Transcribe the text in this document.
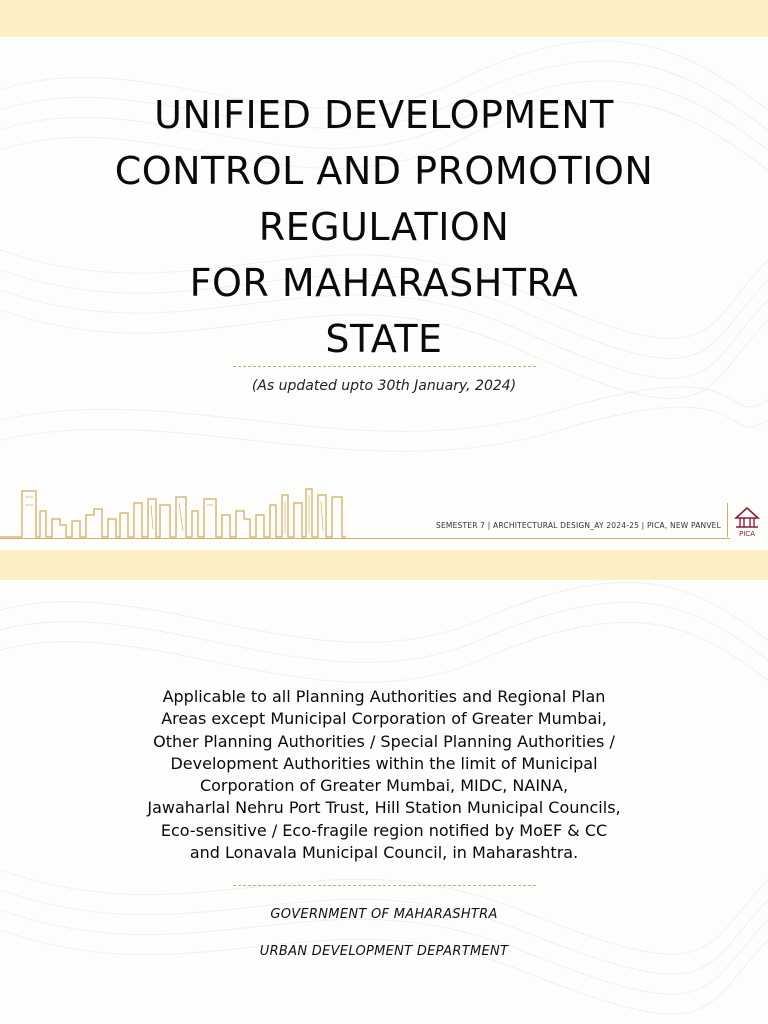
UNIFIED DEVELOPMENT
CONTROL AND PROMOTION
REGULATION
FOR MAHARASHTRA
STATE
(As updated upto 30th January, 2024)
SEMESTER 7 | ARCHITECTURAL DESIGN_AY 2024-25 | PICA, NEW PANVEL
PICA
Applicable to all Planning Authorities and Regional Plan
Areas except Municipal Corporation of Greater Mumbai,
Other Planning Authorities / Special Planning Authorities /
Development Authorities within the limit of Municipal
Corporation of Greater Mumbai, MIDC, NAINA,
Jawaharlal Nehru Port Trust, Hill Station Municipal Councils,
Eco-sensitive / Eco-fragile region notified by MoEF & CC
and Lonavala Municipal Council, in Maharashtra.
GOVERNMENT OF MAHARASHTRA
URBAN DEVELOPMENT DEPARTMENT
